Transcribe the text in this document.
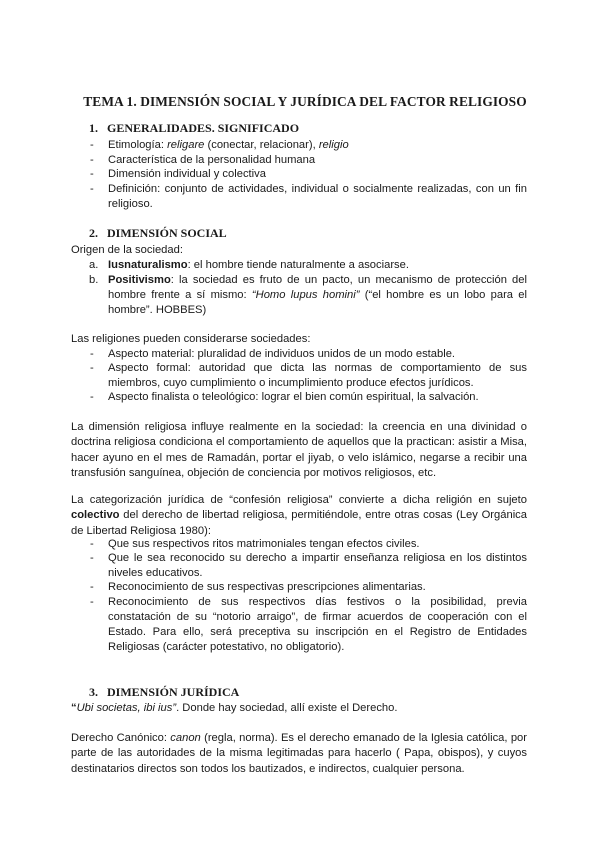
TEMA 1. DIMENSIÓN SOCIAL Y JURÍDICA DEL FACTOR RELIGIOSO
1. GENERALIDADES. SIGNIFICADO
- Etimología: religare (conectar, relacionar), religio
- Característica de la personalidad humana
- Dimensión individual y colectiva
- Definición: conjunto de actividades, individual o socialmente realizadas, con un fin religioso.
2. DIMENSIÓN SOCIAL
Origen de la sociedad:
a. Iusnaturalismo: el hombre tiende naturalmente a asociarse.
b. Positivismo: la sociedad es fruto de un pacto, un mecanismo de protección del hombre frente a sí mismo: “Homo lupus homini” (“el hombre es un lobo para el hombre”. HOBBES)
Las religiones pueden considerarse sociedades:
- Aspecto material: pluralidad de individuos unidos de un modo estable.
- Aspecto formal: autoridad que dicta las normas de comportamiento de sus miembros, cuyo cumplimiento o incumplimiento produce efectos jurídicos.
- Aspecto finalista o teleológico: lograr el bien común espiritual, la salvación.
La dimensión religiosa influye realmente en la sociedad: la creencia en una divinidad o doctrina religiosa condiciona el comportamiento de aquellos que la practican: asistir a Misa, hacer ayuno en el mes de Ramadán, portar el jiyab, o velo islámico, negarse a recibir una transfusión sanguínea, objeción de conciencia por motivos religiosos, etc.
La categorización jurídica de “confesión religiosa” convierte a dicha religión en sujeto colectivo del derecho de libertad religiosa, permitiéndole, entre otras cosas (Ley Orgánica de Libertad Religiosa 1980):
- Que sus respectivos ritos matrimoniales tengan efectos civiles.
- Que le sea reconocido su derecho a impartir enseñanza religiosa en los distintos niveles educativos.
- Reconocimiento de sus respectivas prescripciones alimentarias.
- Reconocimiento de sus respectivos días festivos o la posibilidad, previa constatación de su “notorio arraigo”, de firmar acuerdos de cooperación con el Estado. Para ello, será preceptiva su inscripción en el Registro de Entidades Religiosas (carácter potestativo, no obligatorio).
3. DIMENSIÓN JURÍDICA
“Ubi societas, ibi ius”. Donde hay sociedad, allí existe el Derecho.
Derecho Canónico: canon (regla, norma). Es el derecho emanado de la Iglesia católica, por parte de las autoridades de la misma legitimadas para hacerlo ( Papa, obispos), y cuyos destinatarios directos son todos los bautizados, e indirectos, cualquier persona.
